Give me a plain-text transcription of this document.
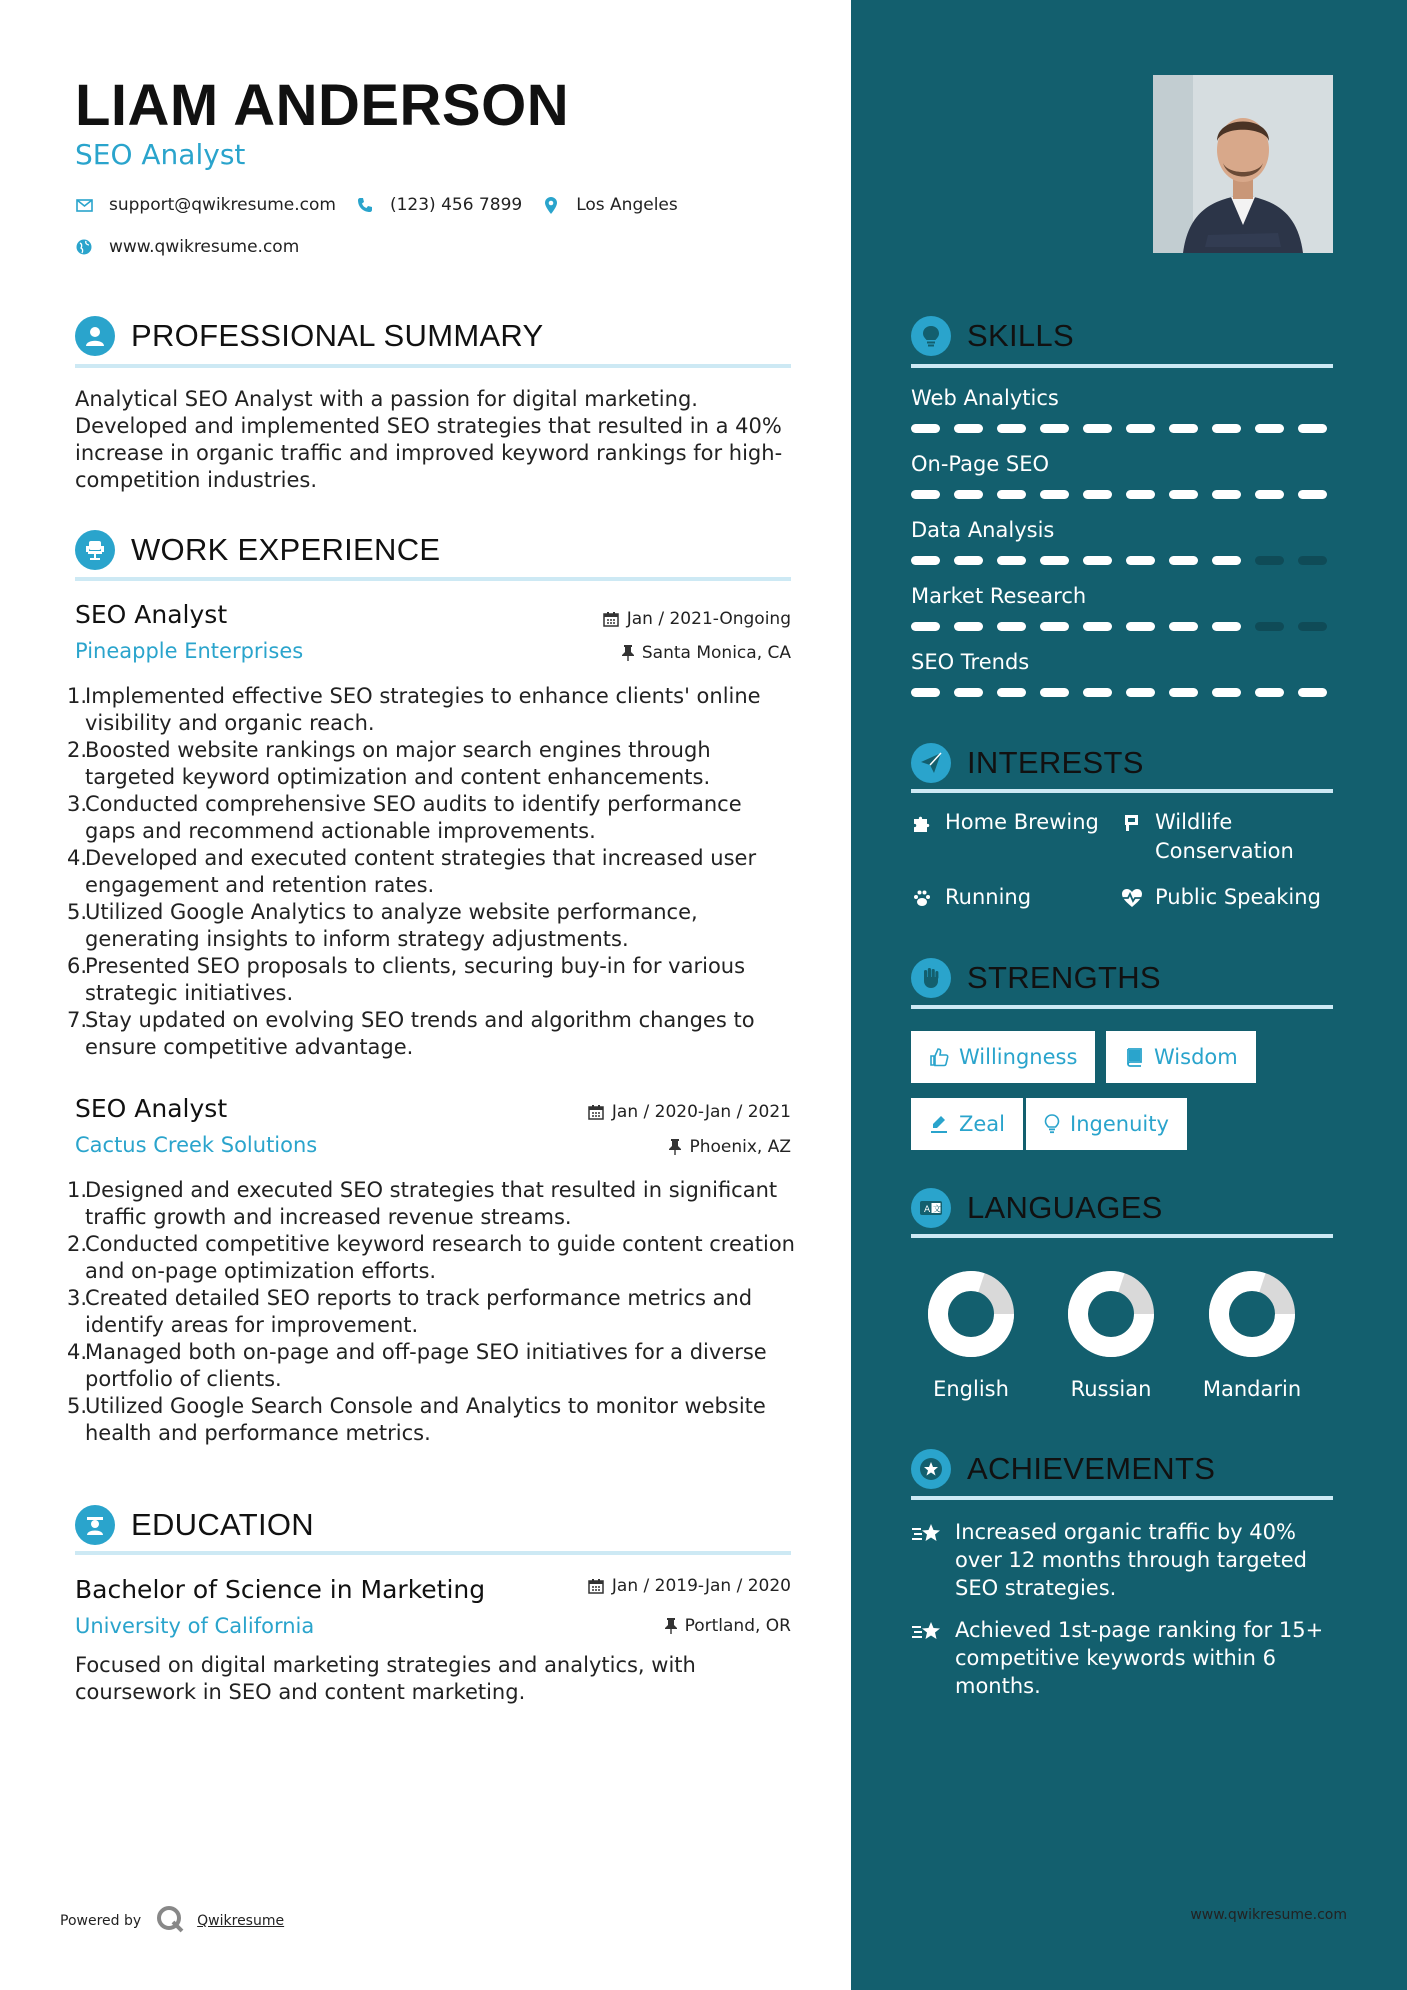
LIAM ANDERSON
SEO Analyst
support@qwikresume.com	(123) 456 7899	Los Angeles
www.qwikresume.com
PROFESSIONAL SUMMARY
Analytical SEO Analyst with a passion for digital marketing. Developed and implemented SEO strategies that resulted in a 40% increase in organic traffic and improved keyword rankings for high-competition industries.
WORK EXPERIENCE
SEO Analyst	Jan / 2021-Ongoing
Pineapple Enterprises	Santa Monica, CA
1.
Implemented effective SEO strategies to enhance clients' online visibility and organic reach.
2.
Boosted website rankings on major search engines through targeted keyword optimization and content enhancements.
3.
Conducted comprehensive SEO audits to identify performance gaps and recommend actionable improvements.
4.
Developed and executed content strategies that increased user engagement and retention rates.
5.
Utilized Google Analytics to analyze website performance, generating insights to inform strategy adjustments.
6.
Presented SEO proposals to clients, securing buy-in for various strategic initiatives.
7.
Stay updated on evolving SEO trends and algorithm changes to ensure competitive advantage.
SEO Analyst	Jan / 2020-Jan / 2021
Cactus Creek Solutions	Phoenix, AZ
1.
Designed and executed SEO strategies that resulted in significant traffic growth and increased revenue streams.
2.
Conducted competitive keyword research to guide content creation and on-page optimization efforts.
3.
Created detailed SEO reports to track performance metrics and identify areas for improvement.
4.
Managed both on-page and off-page SEO initiatives for a diverse portfolio of clients.
5.
Utilized Google Search Console and Analytics to monitor website health and performance metrics.
EDUCATION
Bachelor of Science in Marketing	Jan / 2019-Jan / 2020
University of California	Portland, OR
Focused on digital marketing strategies and analytics, with coursework in SEO and content marketing.
Powered by	Qwikresume
SKILLS
Web Analytics
On-Page SEO
Data Analysis
Market Research
SEO Trends
INTERESTS
Home Brewing	Wildlife Conservation
Running	Public Speaking
STRENGTHS
Willingness	Wisdom
Zeal	Ingenuity
A 文 LANGUAGES
English	Russian	Mandarin
ACHIEVEMENTS
Increased organic traffic by 40% over 12 months through targeted SEO strategies.
Achieved 1st-page ranking for 15+ competitive keywords within 6 months.
www.qwikresume.com
